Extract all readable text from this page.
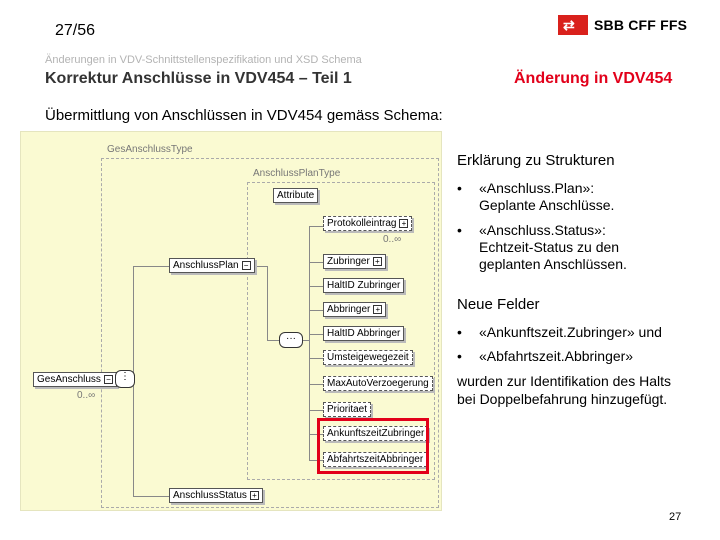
27/56	⇄ SBB CFF FFS
Änderungen in VDV-Schnittstellenspezifikation und XSD Schema
Korrektur Anschlüsse in VDV454 – Teil 1	Änderung in VDV454
Übermittlung von Anschlüssen in VDV454 gemäss Schema:
GesAnschlussType
AnschlussPlanType
Attribute
GesAnschluss −
0..∞
⋮
AnschlussPlan −
AnschlussStatus +
···
Protokolleintrag +
0..∞
Zubringer +
HaltID Zubringer
Abbringer +
HaltID Abbringer
Umsteigewegezeit
MaxAutoVerzoegerung
Prioritaet
AnkunftszeitZubringer
AbfahrtszeitAbbringer
Erklärung zu Strukturen
• «Anschluss.Plan»:
Geplante Anschlüsse.
• «Anschluss.Status»:
Echtzeit-Status zu den
geplanten Anschlüssen.
Neue Felder
• «Ankunftszeit.Zubringer» und
• «Abfahrtszeit.Abbringer»
wurden zur Identifikation des Halts
bei Doppelbefahrung hinzugefügt.
27
